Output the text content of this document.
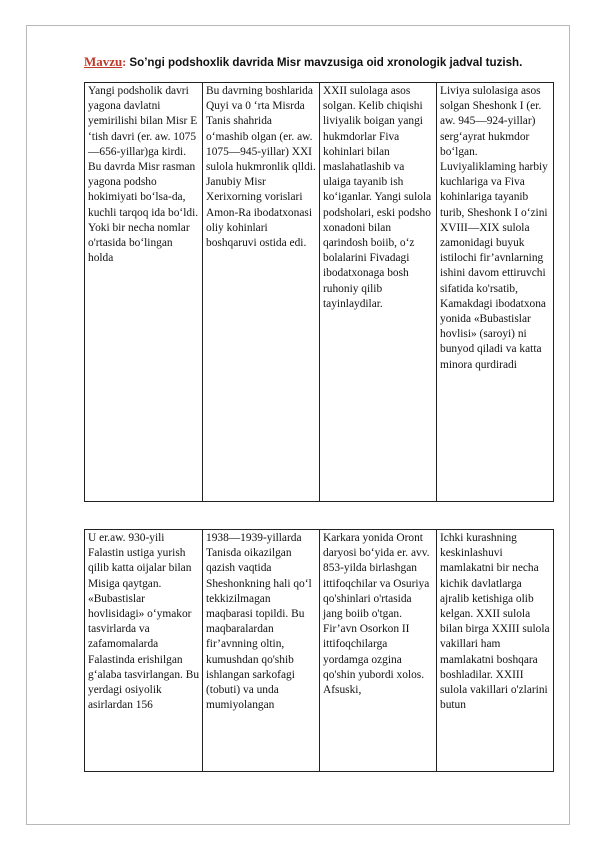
Mavzu: So’ngi podshoxlik davrida Misr mavzusiga oid xronologik jadval tuzish.
Yangi podsholik davri yagona davlatni yemirilishi bilan Misr E ‘tish davri (er. aw. 1075—656-yillar)ga kirdi. Bu davrda Misr rasman yagona podsho hokimiyati bo‘lsa-da, kuchli tarqoq ida bo‘ldi. Yoki bir necha nomlar o'rtasida bo‘lingan holda	Bu davrning boshlarida Quyi va 0 ‘rta Misrda Tanis shahrida o‘mashib olgan (er. aw. 1075—945-yillar) XXI sulola hukmronlik qlldi. Janubiy Misr Xerixorning vorislari Amon-Ra ibodatxonasi oliy kohinlari boshqaruvi ostida edi.	XXII sulolaga asos solgan. Kelib chiqishi liviyalik boigan yangi hukmdorlar Fiva kohinlari bilan maslahatlashib va ulaiga tayanib ish ko‘iganlar. Yangi sulola podsholari, eski podsho xonadoni bilan qarindosh boiib, o‘z bolalarini Fivadagi ibodatxonaga bosh ruhoniy qilib tayinlaydilar.	Liviya sulolasiga asos solgan Sheshonk I (er. aw. 945—924-yillar) serg‘ayrat hukmdor bo‘lgan. Luviyaliklaming harbiy kuchlariga va Fiva kohinlariga tayanib turib, Sheshonk I o‘zini XVIII—XIX sulola zamonidagi buyuk istilochi fir’avnlarning ishini davom ettiruvchi sifatida ko'rsatib, Kamakdagi ibodatxona yonida «Bubastislar hovlisi» (saroyi) ni bunyod qiladi va katta minora qurdiradi
U er.aw. 930-yili Falastin ustiga yurish qilib katta oijalar bilan Misiga qaytgan. «Bubastislar hovlisidagi» o‘ymakor tasvirlarda va zafamomalarda Falastinda erishilgan g‘alaba tasvirlangan. Bu yerdagi osiyolik asirlardan 156	1938—1939-yillarda Tanisda oikazilgan qazish vaqtida Sheshonkning hali qo‘l tekkizilmagan maqbarasi topildi. Bu maqbaralardan fir’avnning oltin, kumushdan qo'shib ishlangan sarkofagi (tobuti) va unda mumiyolangan	Karkara yonida Oront daryosi bo‘yida er. avv. 853-yilda birlashgan ittifoqchilar va Osuriya qo'shinlari o'rtasida jang boiib o'tgan. Fir’avn Osorkon II ittifoqchilarga yordamga ozgina qo'shin yubordi xolos. Afsuski,	Ichki kurashning keskinlashuvi mamlakatni bir necha kichik davlatlarga ajralib ketishiga olib kelgan. XXII sulola bilan birga XXIII sulola vakillari ham mamlakatni boshqara boshladilar. XXIII sulola vakillari o'zlarini butun
